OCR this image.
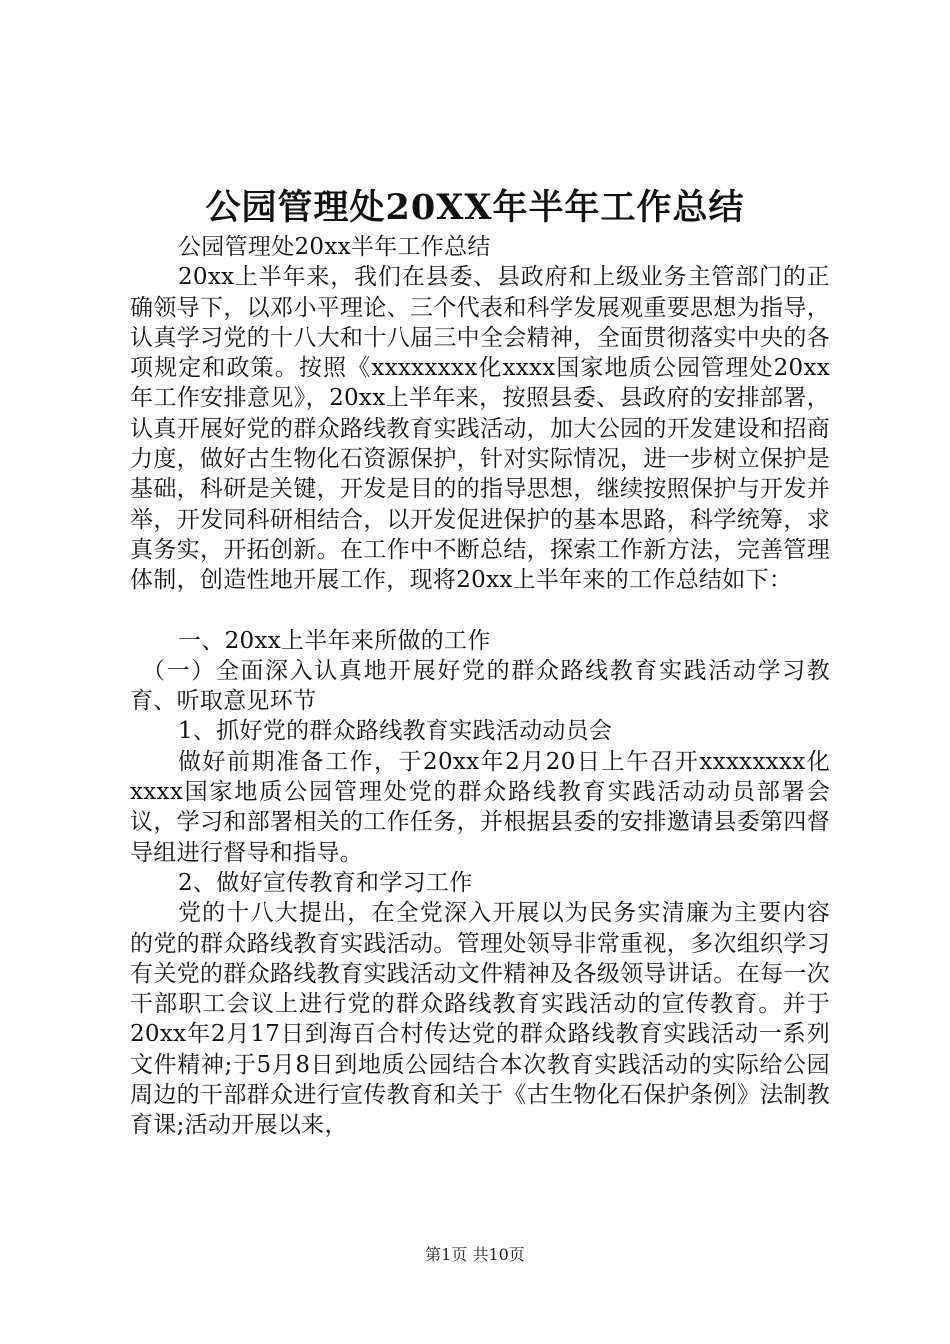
公园管理处20XX年半年工作总结

公园管理处20xx半年工作总结

20xx上半年来，我们在县委、县政府和上级业务主管部门的正确领导下，以邓小平理论、三个代表和科学发展观重要思想为指导，认真学习党的十八大和十八届三中全会精神，全面贯彻落实中央的各项规定和政策。按照《xxxxxxxx化xxxx国家地质公园管理处20xx年工作安排意见》，20xx上半年来，按照县委、县政府的安排部署，认真开展好党的群众路线教育实践活动，加大公园的开发建设和招商力度，做好古生物化石资源保护，针对实际情况，进一步树立保护是基础，科研是关键，开发是目的的指导思想，继续按照保护与开发并举，开发同科研相结合，以开发促进保护的基本思路，科学统筹，求真务实，开拓创新。在工作中不断总结，探索工作新方法，完善管理体制，创造性地开展工作，现将20xx上半年来的工作总结如下：

一、20xx上半年来所做的工作

（一）全面深入认真地开展好党的群众路线教育实践活动学习教育、听取意见环节

1、抓好党的群众路线教育实践活动动员会

做好前期准备工作，于20xx年2月20日上午召开xxxxxxxx化xxxx国家地质公园管理处党的群众路线教育实践活动动员部署会议，学习和部署相关的工作任务，并根据县委的安排邀请县委第四督导组进行督导和指导。

2、做好宣传教育和学习工作

党的十八大提出，在全党深入开展以为民务实清廉为主要内容的党的群众路线教育实践活动。管理处领导非常重视，多次组织学习有关党的群众路线教育实践活动文件精神及各级领导讲话。在每一次干部职工会议上进行党的群众路线教育实践活动的宣传教育。并于20xx年2月17日到海百合村传达党的群众路线教育实践活动一系列文件精神;于5月8日到地质公园结合本次教育实践活动的实际给公园周边的干部群众进行宣传教育和关于《古生物化石保护条例》法制教育课;活动开展以来，

第1页 共10页
